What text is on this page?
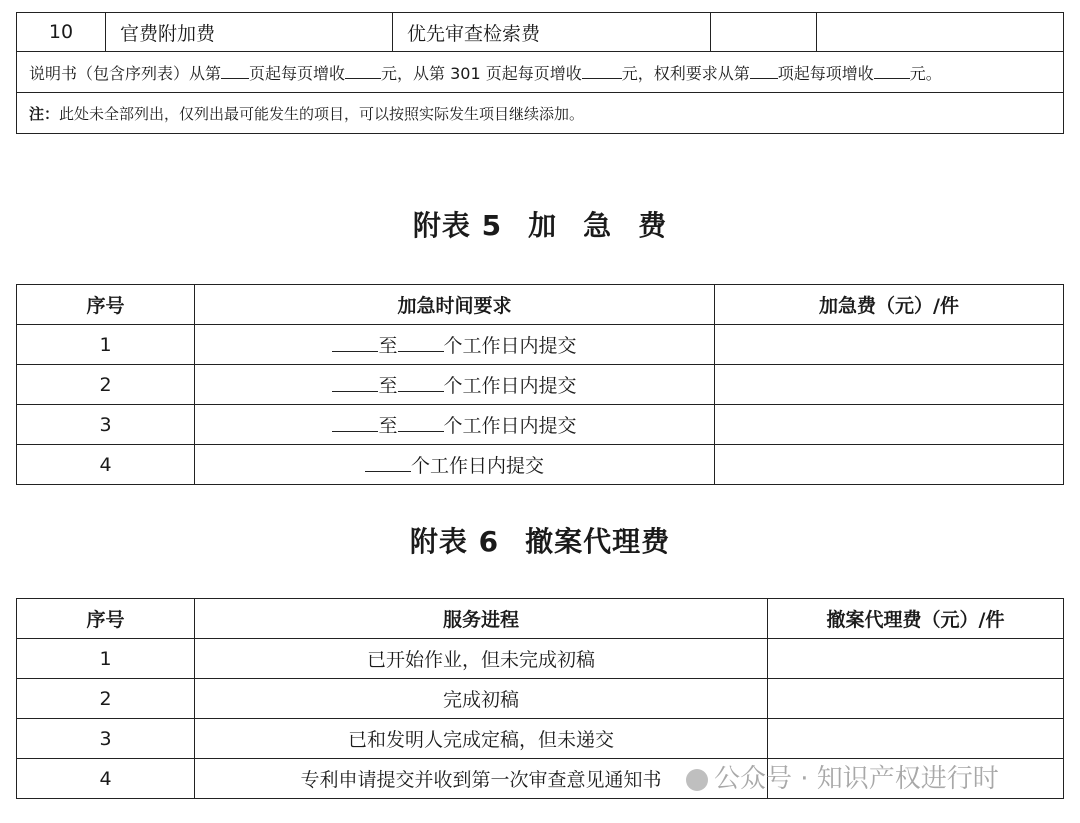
10	官费附加费	优先审查检索费		
说明书（包含序列表）从第 页起每页增收 元，从第 301 页起每页增收	元，权利要求从第 项起每项增收 元。
注：此处未全部列出，仅列出最可能发生的项目，可以按照实际发生项目继续添加。
附表 5 加 急 费
序号	加急时间要求	加急费（元）/件
1	至 个工作日内提交	
2	至 个工作日内提交	
3	至 个工作日内提交	
4	个工作日内提交	
附表 6 撤案代理费
序号	服务进程	撤案代理费（元）/件
1	已开始作业，但未完成初稿	
2	完成初稿	
3	已和发明人完成定稿，但未递交	
4	专利申请提交并收到第一次审查意见通知书		公众号 · 知识产权进行时
